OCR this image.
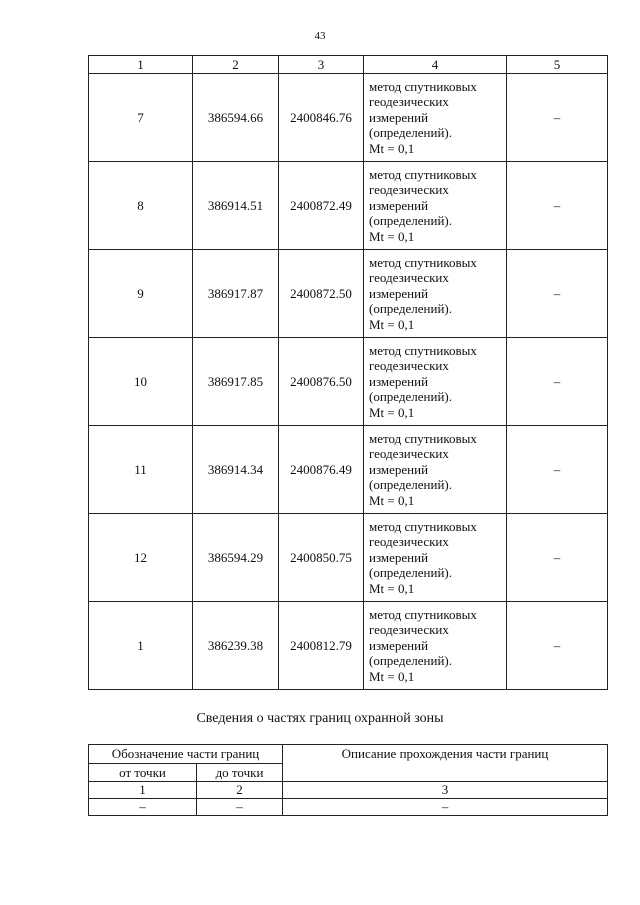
43
1	2	3	4	5
7	386594.66	2400846.76	метод спутниковых
геодезических
измерений
(определений).
Mt = 0,1	–
8	386914.51	2400872.49	метод спутниковых
геодезических
измерений
(определений).
Mt = 0,1	–
9	386917.87	2400872.50	метод спутниковых
геодезических
измерений
(определений).
Mt = 0,1	–
10	386917.85	2400876.50	метод спутниковых
геодезических
измерений
(определений).
Mt = 0,1	–
11	386914.34	2400876.49	метод спутниковых
геодезических
измерений
(определений).
Mt = 0,1	–
12	386594.29	2400850.75	метод спутниковых
геодезических
измерений
(определений).
Mt = 0,1	–
1	386239.38	2400812.79	метод спутниковых
геодезических
измерений
(определений).
Mt = 0,1	–
Сведения о частях границ охранной зоны
Обозначение части границ		Описание прохождения части границ
от точки	до точки	
1	2	3
–	–	–
